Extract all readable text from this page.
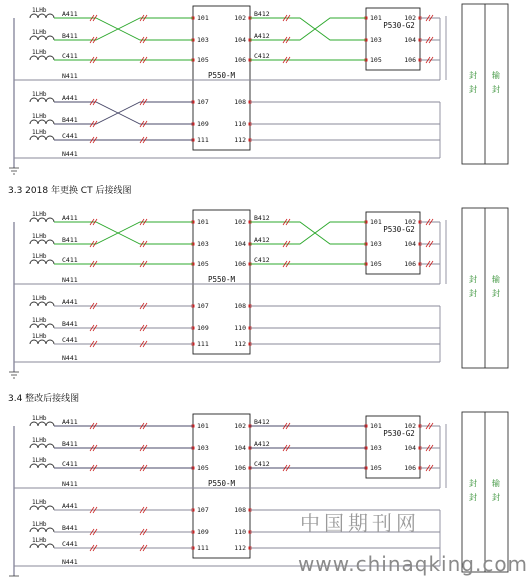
1LHb A411
1LHb B411
1LHb C411
N411
1LHb A441
1LHb B441
1LHb C441
N441
P550-M
101	102
103	104
105	106
107	108
109	110
111	112
P530-G2
101	102
103	104
105	106
B412
A412
C412
封
封
输
封
1LHb A411
1LHb B411
1LHb C411
N411
1LHb A441
1LHb B441
1LHb C441
N441
P550-M
101	102
103	104
105	106
107	108
109	110
111	112
P530-G2
101	102
103	104
105	106
B412
A412
C412
封
封
输
封
1LHb A411
1LHb B411
1LHb C411
N411
1LHb A441
1LHb B441
1LHb C441
N441
P550-M
101	102
103	104
105	106
107	108
109	110
111	112
P530-G2
101	102
103	104
105	106
B412
A412
C412
封
封
输
封
3.3 2018 年更换 CT 后接线图
3.4 整改后接线图
中国期刊网
www.chinaqking.com
